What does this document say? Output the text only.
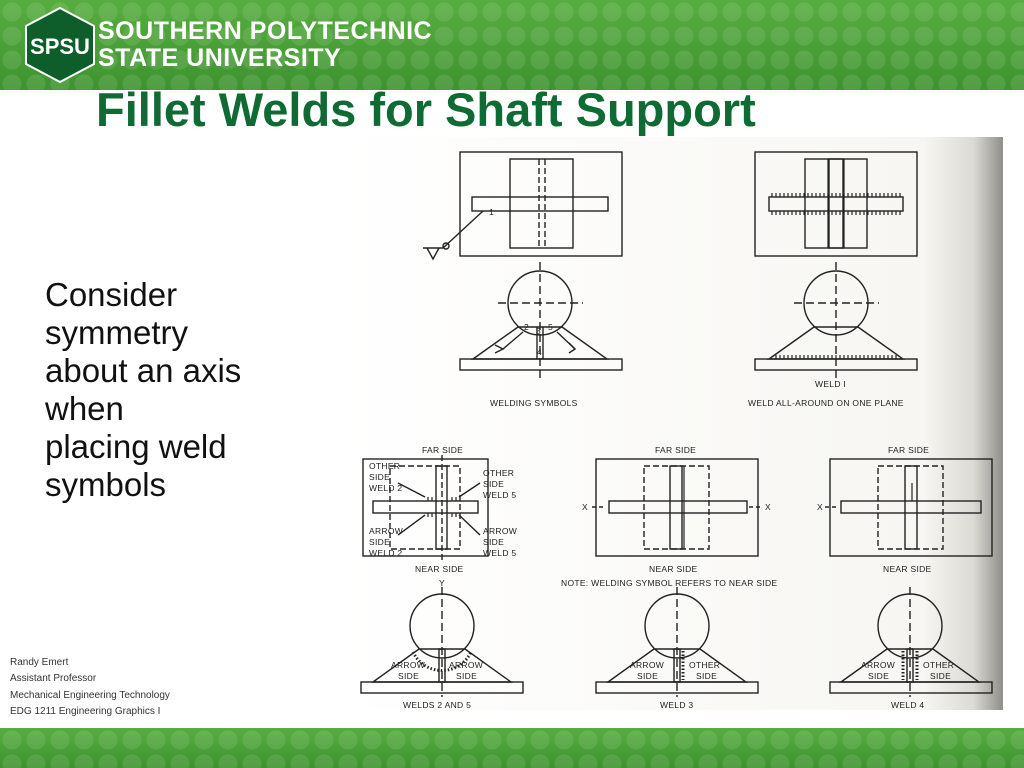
SPSU
SOUTHERN POLYTECHNIC
STATE UNIVERSITY
1
2 3 5
4
WELDING SYMBOLS
WELD I
WELD ALL-AROUND ON ONE PLANE
FAR SIDE	FAR SIDE	FAR SIDE
OTHER
SIDE
WELD 2
OTHER
SIDE
WELD 5
ARROW
SIDE
WELD 2
ARROW
SIDE
WELD 5
NEAR SIDE	NEAR SIDE	NEAR SIDE
NOTE: WELDING SYMBOL REFERS TO NEAR SIDE
Y
X	X	X
ARROW
SIDE
ARROW
SIDE
ARROW
SIDE
OTHER
SIDE
ARROW
SIDE
OTHER
SIDE
WELDS 2 AND 5	WELD 3	WELD 4
Fillet Welds for Shaft Support
Consider
symmetry
about an axis
when
placing weld
symbols
Randy Emert
Assistant Professor
Mechanical Engineering Technology
EDG 1211 Engineering Graphics I
